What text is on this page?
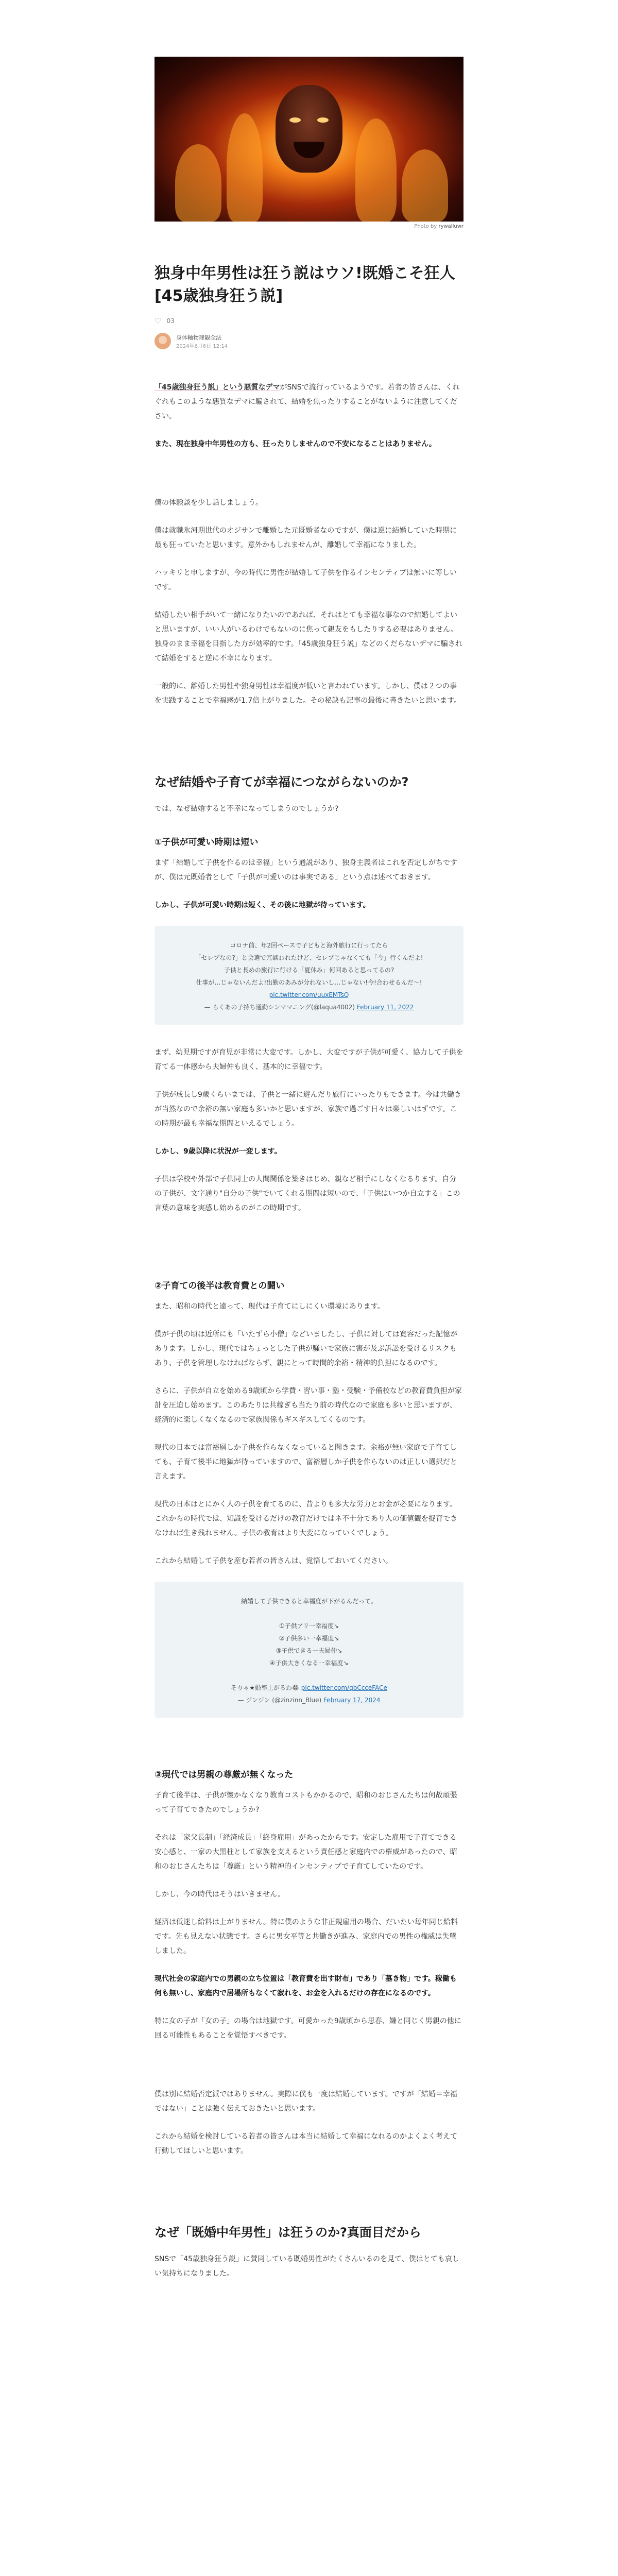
Photo by rywalluwr

独身中年男性は狂う説はウソ!既婚こそ狂人[45歳独身狂う説]
♡ 03
身体軸物理観念法
2024年6月6日 12:14

「45歳独身狂う説」という悪質なデマがSNSで流行っているようです。若者の皆さんは、くれぐれもこのような悪質なデマに騙されて、結婚を焦ったりすることがないように注意してください。

また、現在独身中年男性の方も、狂ったりしませんので不安になることはありません。

僕の体験談を少し話しましょう。

僕は就職氷河期世代のオジサンで離婚した元既婚者なのですが、僕は逆に結婚していた時期に最も狂っていたと思います。意外かもしれませんが、離婚して幸福になりました。

ハッキリと申しますが、今の時代に男性が結婚して子供を作るインセンティブは無いに等しいです。

結婚したい相手がいて一緒になりたいのであれば、それはとても幸福な事なので結婚してよいと思いますが、いい人がいるわけでもないのに焦って親友をもしたりする必要はありません。独身のまま幸福を目指した方が効率的です。「45歳独身狂う説」などのくだらないデマに騙されて結婚をすると逆に不幸になります。

一般的に、離婚した男性や独身男性は幸福度が低いと言われています。しかし、僕は２つの事を実践することで幸福感が1.7倍上がりました。その秘訣も記事の最後に書きたいと思います。

なぜ結婚や子育てが幸福につながらないのか?

では、なぜ結婚すると不幸になってしまうのでしょうか?

①子供が可愛い時期は短い

まず「結婚して子供を作るのは幸福」という通説があり、独身主義者はこれを否定しがちですが、僕は元既婚者として「子供が可愛いのは事実である」という点は述べておきます。

しかし、子供が可愛い時期は短く、その後に地獄が待っています。

コロナ前、年2回ペースで子どもと海外旅行に行ってたら
「セレブなの?」と会選で冗談われたけど、セレブじゃなくても「今」行くんだよ!
子供と長めの旅行に行ける「夏休み」何回あると思ってるの?
仕事が…じゃないんだよ!出勤のあみが分れないし…じゃない!今!合わせるんだ〜!
pic.twitter.com/uuxEMTsQ
— らくあの子持ち通勤シンママニング(@laqua4002) February 11, 2022

まず、幼児期ですが育児が非常に大変です。しかし、大変ですが子供が可愛く、協力して子供を育てる一体感から夫婦仲も良く、基本的に幸福です。

子供が成長し9歳くらいまでは、子供と一緒に遊んだり旅行にいったりもできます。今は共働きが当然なので余裕の無い家庭も多いかと思いますが、家族で過ごす日々は楽しいはずです。この時期が最も幸福な期間といえるでしょう。

しかし、9歳以降に状況が一変します。

子供は学校や外部で子供同士の人間関係を築きはじめ、親など相手にしなくなるります。自分の子供が、文字通り"自分の子供"でいてくれる期間は短いので、「子供はいつか自立する」この言葉の意味を実感し始めるのがこの時期です。

②子育ての後半は教育費との闘い

また、昭和の時代と違って、現代は子育てにしにくい環境にあります。

僕が子供の頃は近所にも「いたずら小僧」などいましたし、子供に対しては寛容だった記憶があります。しかし、現代ではちょっとした子供が騒いで家族に害が及ぶ訴訟を受けるリスクもあり、子供を管理しなければならず、親にとって時間的余裕・精神的負担になるのです。

さらに、子供が自立を始める9歳頃から学費・習い事・塾・受験・予備校などの教育費負担が家計を圧迫し始めます。このあたりは共稼ぎも当たり前の時代なので家庭も多いと思いますが、経済的に楽しくなくなるので家族関係もギスギスしてくるのです。

現代の日本では富裕層しか子供を作らなくなっていると聞きます。余裕が無い家庭で子育てしても、子育て後半に地獄が待っていますので、富裕層しか子供を作らないのは正しい選択だと言えます。

現代の日本はとにかく人の子供を育てるのに、昔よりも多大な労力とお金が必要になります。これからの時代では、知識を受けるだけの教育だけではネ不十分であり人の価値観を捉育できなければ生き残れません。子供の教育はより大変になっていくでしょう。

これから結婚して子供を産む若者の皆さんは、覚悟しておいてください。

結婚して子供できると幸福度が下がるんだって。

①子供アリ一幸福度↘
②子供多い一幸福度↘
③子供できる一夫婦仲↘
④子供大きくなる一幸福度↘

そりゃ★婚率上がるわ😂 pic.twitter.com/qbCcceFACe
— ジンジン (@zinzinn_Blue) February 17, 2024
③現代では男親の尊厳が無くなった

子育て後半は、子供が懐かなくなり教育コストもかかるので、昭和のおじさんたちは何故頑張って子育てできたのでしょうか?

それは「家父長制」「経済成長」「終身雇用」があったからです。安定した雇用で子育てできる安心感と、一家の大黒柱として家族を支えるという責任感と家庭内での権威があったので、昭和のおじさんたちは「尊厳」という精神的インセンティブで子育てしていたのです。

しかし、今の時代はそうはいきません。

経済は低迷し給料は上がりません。特に僕のような非正規雇用の場合、だいたい毎年同じ給料です。先も見えない状態です。さらに男女平等と共働きが進み、家庭内での男性の権威は失墜しました。

現代社会の家庭内での男親の立ち位置は「教育費を出す財布」であり「墓き物」です。稼働も何も無いし、家庭内で居場所もなくて寂れを、お金を入れるだけの存在になるのです。

特に女の子が「女の子」の場合は地獄です。可愛かった9歳頃から思春、嫌と同じく男親の他に回る可能性もあることを覚悟すべきです。

僕は別に結婚否定派ではありません。実際に僕も一度は結婚しています。ですが「結婚＝幸福ではない」ことは強く伝えておきたいと思います。

これから結婚を検討している若者の皆さんは本当に結婚して幸福になれるのかよくよく考えて行動してほしいと思います。

なぜ「既婚中年男性」は狂うのか?真面目だから

SNSで「45歳独身狂う説」に賛同している既婚男性がたくさんいるのを見て、僕はとても哀しい気持ちになりました。
